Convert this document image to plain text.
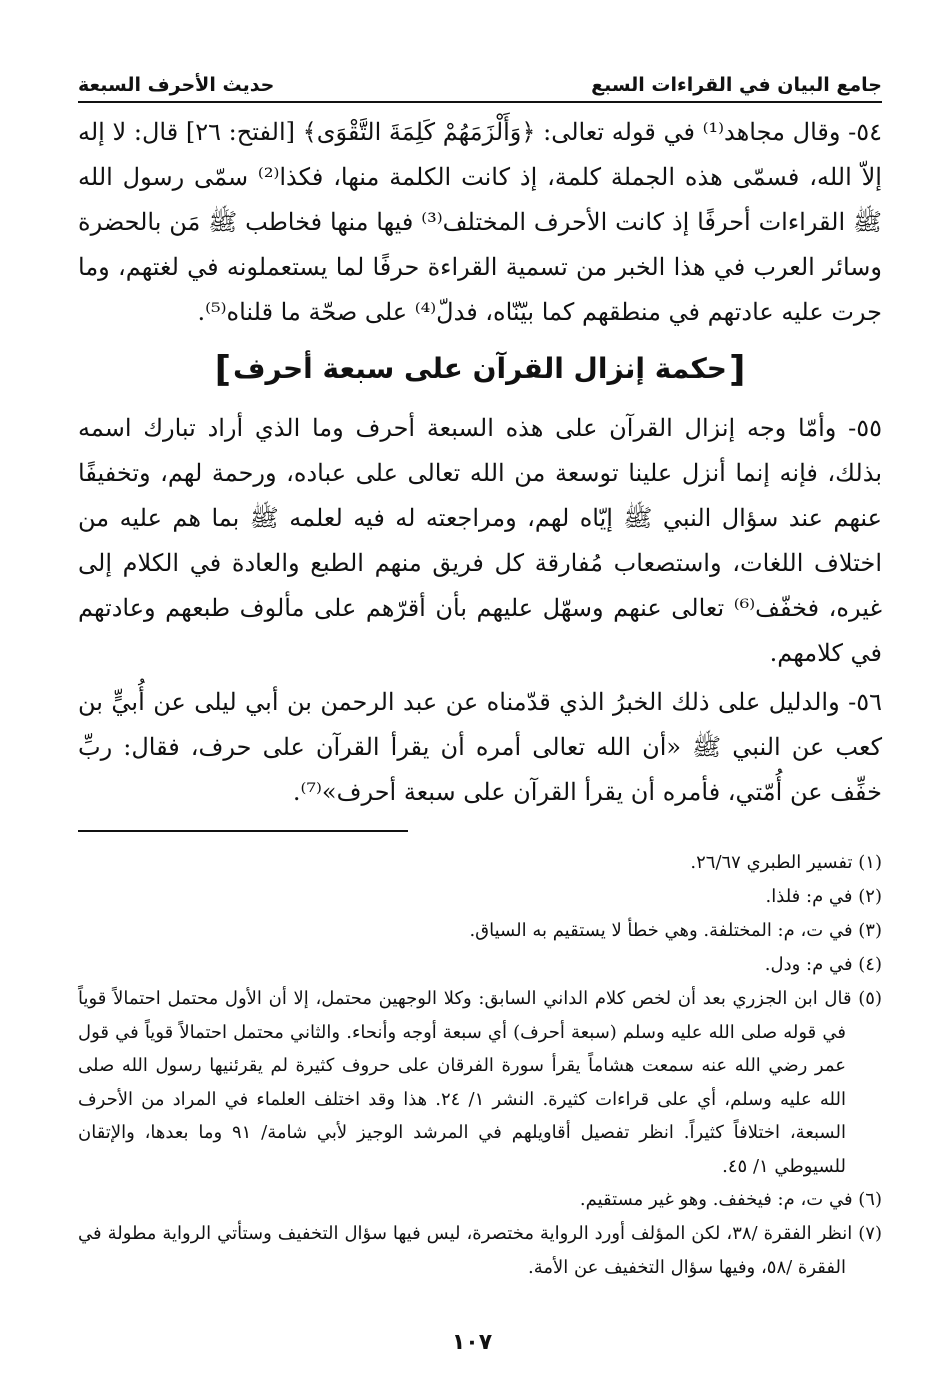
جامع البيان في القراءات السبع
حديث الأحرف السبعة

٥٤- وقال مجاهد⁽¹⁾ في قوله تعالى: ﴿وَأَلْزَمَهُمْ كَلِمَةَ التَّقْوَى﴾ [الفتح: ٢٦] قال: لا إله إلاّ الله، فسمّى هذه الجملة كلمة، إذ كانت الكلمة منها، فكذا⁽²⁾ سمّى رسول الله ﷺ القراءات أحرفًا إذ كانت الأحرف المختلف⁽³⁾ فيها منها فخاطب ﷺ مَن بالحضرة وسائر العرب في هذا الخبر من تسمية القراءة حرفًا لما يستعملونه في لغتهم، وما جرت عليه عادتهم في منطقهم كما بيّنّاه، فدلّ⁽⁴⁾ على صحّة ما قلناه⁽⁵⁾.

[حكمة إنزال القرآن على سبعة أحرف]

٥٥- وأمّا وجه إنزال القرآن على هذه السبعة أحرف وما الذي أراد تبارك اسمه بذلك، فإنه إنما أنزل علينا توسعة من الله تعالى على عباده، ورحمة لهم، وتخفيفًا عنهم عند سؤال النبي ﷺ إيّاه لهم، ومراجعته له فيه لعلمه ﷺ بما هم عليه من اختلاف اللغات، واستصعاب مُفارقة كل فريق منهم الطبع والعادة في الكلام إلى غيره، فخفّف⁽⁶⁾ تعالى عنهم وسهّل عليهم بأن أقرّهم على مألوف طبعهم وعادتهم في كلامهم.

٥٦- والدليل على ذلك الخبرُ الذي قدّمناه عن عبد الرحمن بن أبي ليلى عن أُبيٍّ بن كعب عن النبي ﷺ «أن الله تعالى أمره أن يقرأ القرآن على حرف، فقال: ربِّ خفِّف عن أُمّتي، فأمره أن يقرأ القرآن على سبعة أحرف»⁽⁷⁾.

(١) تفسير الطبري ٢٦/٦٧.

(٢) في م: فلذا.

(٣) في ت، م: المختلفة. وهي خطأ لا يستقيم به السياق.

(٤) في م: ودل.

(٥) قال ابن الجزري بعد أن لخص كلام الداني السابق: وكلا الوجهين محتمل، إلا أن الأول محتمل احتمالاً قوياً في قوله صلى الله عليه وسلم (سبعة أحرف) أي سبعة أوجه وأنحاء. والثاني محتمل احتمالاً قوياً في قول عمر رضي الله عنه سمعت هشاماً يقرأ سورة الفرقان على حروف كثيرة لم يقرئنيها رسول الله صلى الله عليه وسلم، أي على قراءات كثيرة. النشر ١/ ٢٤. هذا وقد اختلف العلماء في المراد من الأحرف السبعة، اختلافاً كثيراً. انظر تفصيل أقاويلهم في المرشد الوجيز لأبي شامة/ ٩١ وما بعدها، والإتقان للسيوطي ١/ ٤٥.

(٦) في ت، م: فيخفف. وهو غير مستقيم.

(٧) انظر الفقرة /٣٨، لكن المؤلف أورد الرواية مختصرة، ليس فيها سؤال التخفيف وستأتي الرواية مطولة في الفقرة /٥٨، وفيها سؤال التخفيف عن الأمة.

١٠٧
